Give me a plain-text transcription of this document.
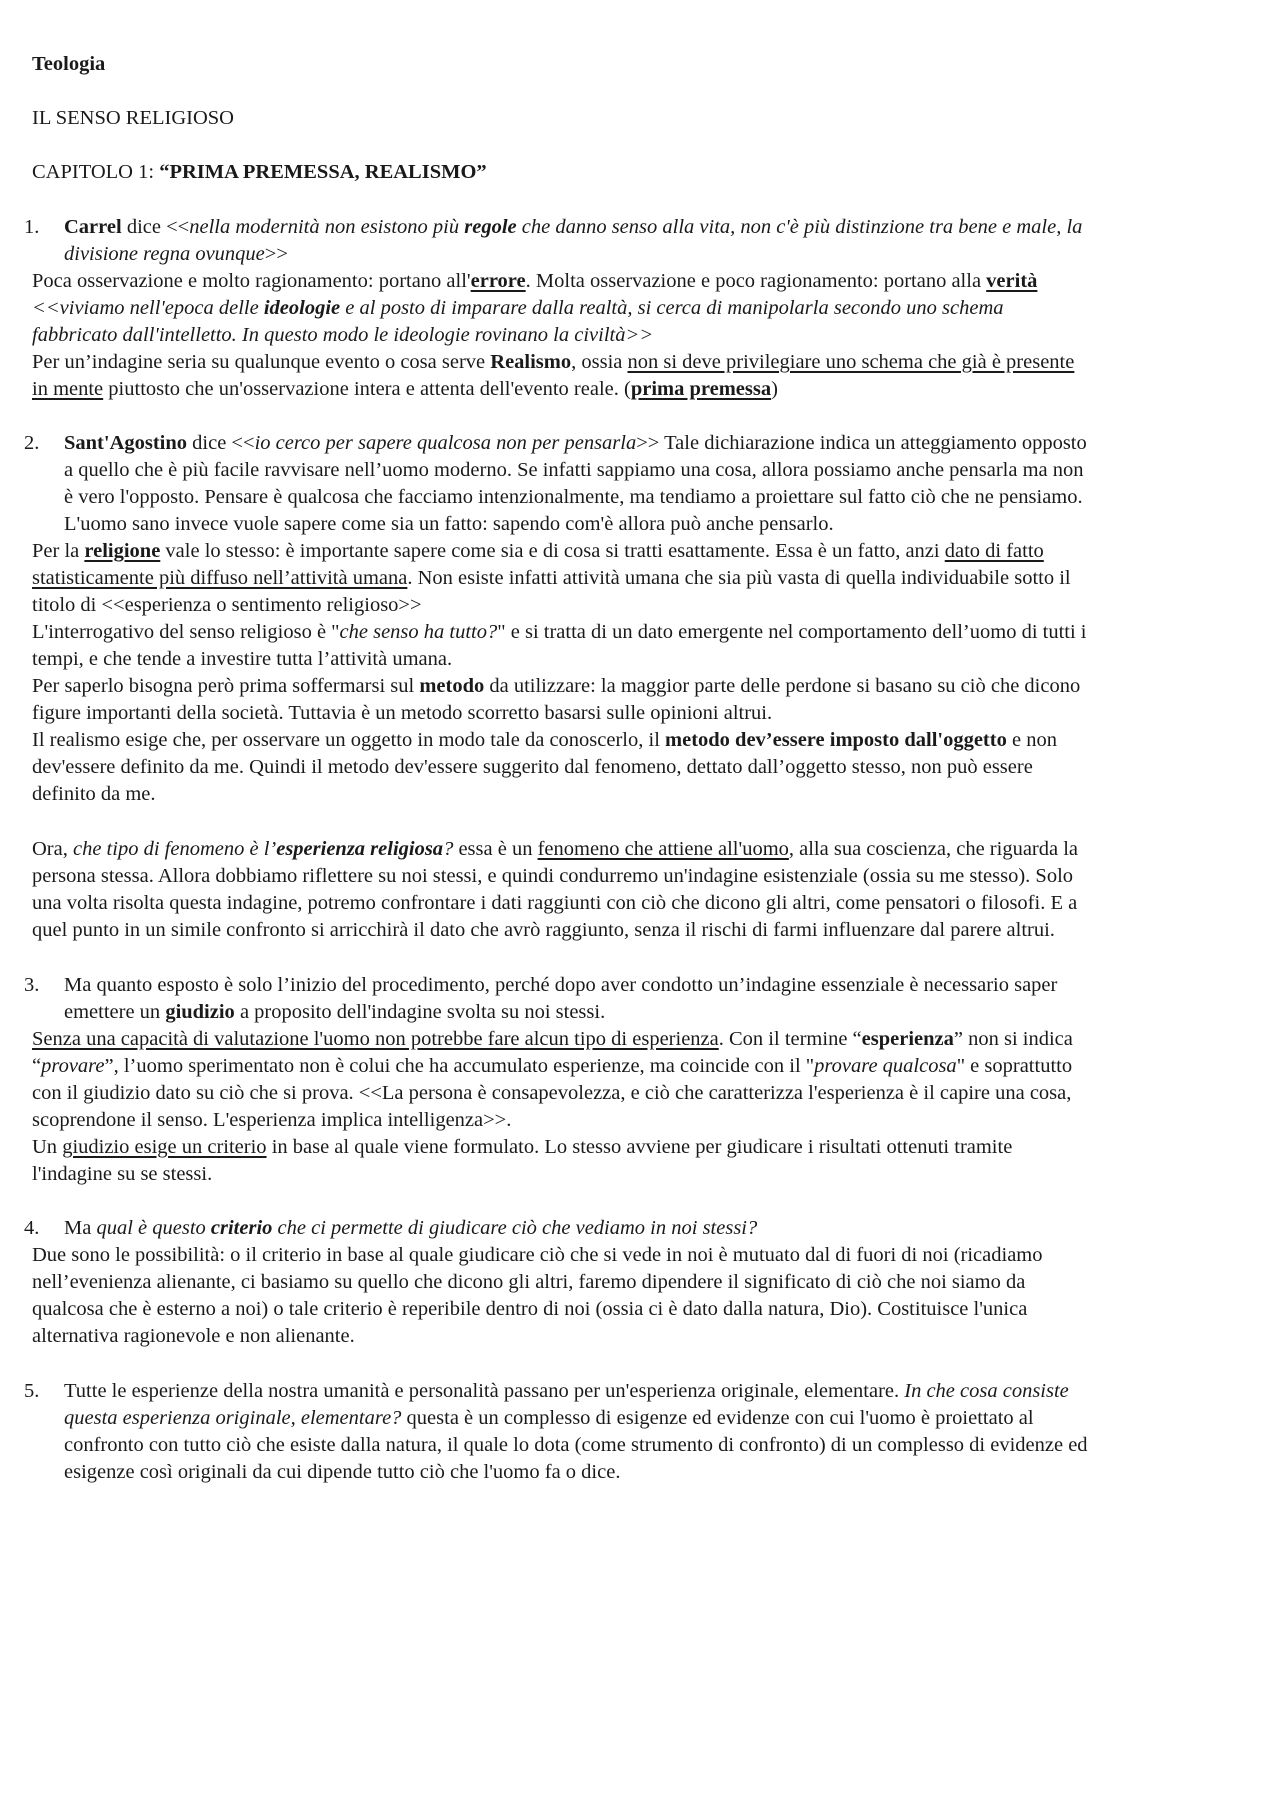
Teologia
IL SENSO RELIGIOSO
CAPITOLO 1: “PRIMA PREMESSA, REALISMO”
1. Carrel dice <<nella modernità non esistono più regole che danno senso alla vita, non c'è più distinzione tra bene e male, la
divisione regna ovunque>>
Poca osservazione e molto ragionamento: portano all'errore. Molta osservazione e poco ragionamento: portano alla verità
<<viviamo nell'epoca delle ideologie e al posto di imparare dalla realtà, si cerca di manipolarla secondo uno schema
fabbricato dall'intelletto. In questo modo le ideologie rovinano la civiltà>>
Per un’indagine seria su qualunque evento o cosa serve Realismo, ossia non si deve privilegiare uno schema che già è presente
in mente piuttosto che un'osservazione intera e attenta dell'evento reale. (prima premessa)
2. Sant'Agostino dice <<io cerco per sapere qualcosa non per pensarla>> Tale dichiarazione indica un atteggiamento opposto
a quello che è più facile ravvisare nell’uomo moderno. Se infatti sappiamo una cosa, allora possiamo anche pensarla ma non
è vero l'opposto. Pensare è qualcosa che facciamo intenzionalmente, ma tendiamo a proiettare sul fatto ciò che ne pensiamo.
L'uomo sano invece vuole sapere come sia un fatto: sapendo com'è allora può anche pensarlo.
Per la religione vale lo stesso: è importante sapere come sia e di cosa si tratti esattamente. Essa è un fatto, anzi dato di fatto
statisticamente più diffuso nell’attività umana. Non esiste infatti attività umana che sia più vasta di quella individuabile sotto il
titolo di <<esperienza o sentimento religioso>>
L'interrogativo del senso religioso è "che senso ha tutto?" e si tratta di un dato emergente nel comportamento dell’uomo di tutti i
tempi, e che tende a investire tutta l’attività umana.
Per saperlo bisogna però prima soffermarsi sul metodo da utilizzare: la maggior parte delle perdone si basano su ciò che dicono
figure importanti della società. Tuttavia è un metodo scorretto basarsi sulle opinioni altrui.
Il realismo esige che, per osservare un oggetto in modo tale da conoscerlo, il metodo dev’essere imposto dall'oggetto e non
dev'essere definito da me. Quindi il metodo dev'essere suggerito dal fenomeno, dettato dall’oggetto stesso, non può essere
definito da me.
Ora, che tipo di fenomeno è l’esperienza religiosa? essa è un fenomeno che attiene all'uomo, alla sua coscienza, che riguarda la
persona stessa. Allora dobbiamo riflettere su noi stessi, e quindi condurremo un'indagine esistenziale (ossia su me stesso). Solo
una volta risolta questa indagine, potremo confrontare i dati raggiunti con ciò che dicono gli altri, come pensatori o filosofi. E a
quel punto in un simile confronto si arricchirà il dato che avrò raggiunto, senza il rischi di farmi influenzare dal parere altrui.
3. Ma quanto esposto è solo l’inizio del procedimento, perché dopo aver condotto un’indagine essenziale è necessario saper
emettere un giudizio a proposito dell'indagine svolta su noi stessi.
Senza una capacità di valutazione l'uomo non potrebbe fare alcun tipo di esperienza. Con il termine “esperienza” non si indica
“provare”, l’uomo sperimentato non è colui che ha accumulato esperienze, ma coincide con il "provare qualcosa" e soprattutto
con il giudizio dato su ciò che si prova. <<La persona è consapevolezza, e ciò che caratterizza l'esperienza è il capire una cosa,
scoprendone il senso. L'esperienza implica intelligenza>>.
Un giudizio esige un criterio in base al quale viene formulato. Lo stesso avviene per giudicare i risultati ottenuti tramite
l'indagine su se stessi.
4. Ma qual è questo criterio che ci permette di giudicare ciò che vediamo in noi stessi?
Due sono le possibilità: o il criterio in base al quale giudicare ciò che si vede in noi è mutuato dal di fuori di noi (ricadiamo
nell’evenienza alienante, ci basiamo su quello che dicono gli altri, faremo dipendere il significato di ciò che noi siamo da
qualcosa che è esterno a noi) o tale criterio è reperibile dentro di noi (ossia ci è dato dalla natura, Dio). Costituisce l'unica
alternativa ragionevole e non alienante.
5. Tutte le esperienze della nostra umanità e personalità passano per un'esperienza originale, elementare. In che cosa consiste
questa esperienza originale, elementare? questa è un complesso di esigenze ed evidenze con cui l'uomo è proiettato al
confronto con tutto ciò che esiste dalla natura, il quale lo dota (come strumento di confronto) di un complesso di evidenze ed
esigenze così originali da cui dipende tutto ciò che l'uomo fa o dice.
